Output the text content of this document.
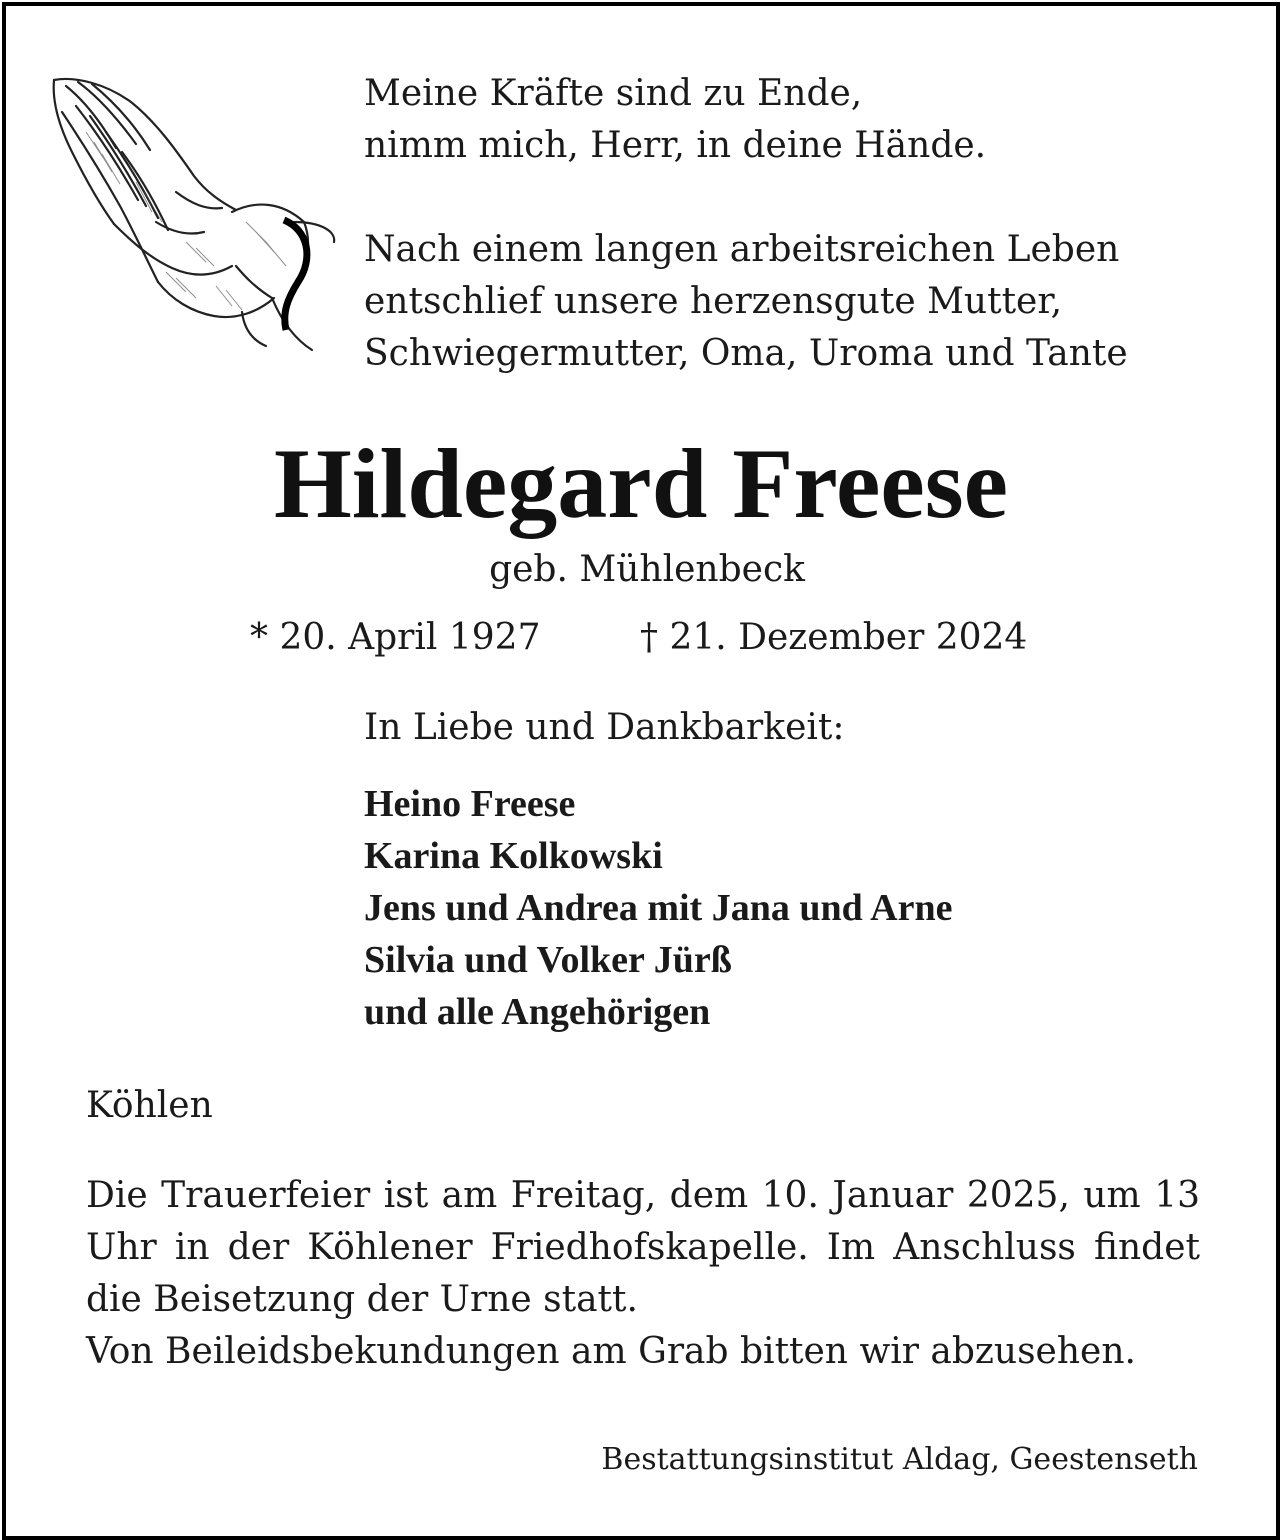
Meine Kräfte sind zu Ende,
nimm mich, Herr, in deine Hände.

Nach einem langen arbeitsreichen Leben
entschlief unsere herzensgute Mutter,
Schwiegermutter, Oma, Uroma und Tante
Hildegard Freese
geb. Mühlenbeck
* 20. April 1927	† 21. Dezember 2024
In Liebe und Dankbarkeit:
Heino Freese
Karina Kolkowski
Jens und Andrea mit Jana und Arne
Silvia und Volker Jürß
und alle Angehörigen
Köhlen
Die Trauerfeier ist am Freitag, dem 10. Januar 2025, um 13 Uhr in der Köhlener Friedhofskapelle. Im Anschluss findet die Beisetzung der Urne statt.
Von Beileidsbekundungen am Grab bitten wir abzusehen.
Bestattungsinstitut Aldag, Geestenseth
